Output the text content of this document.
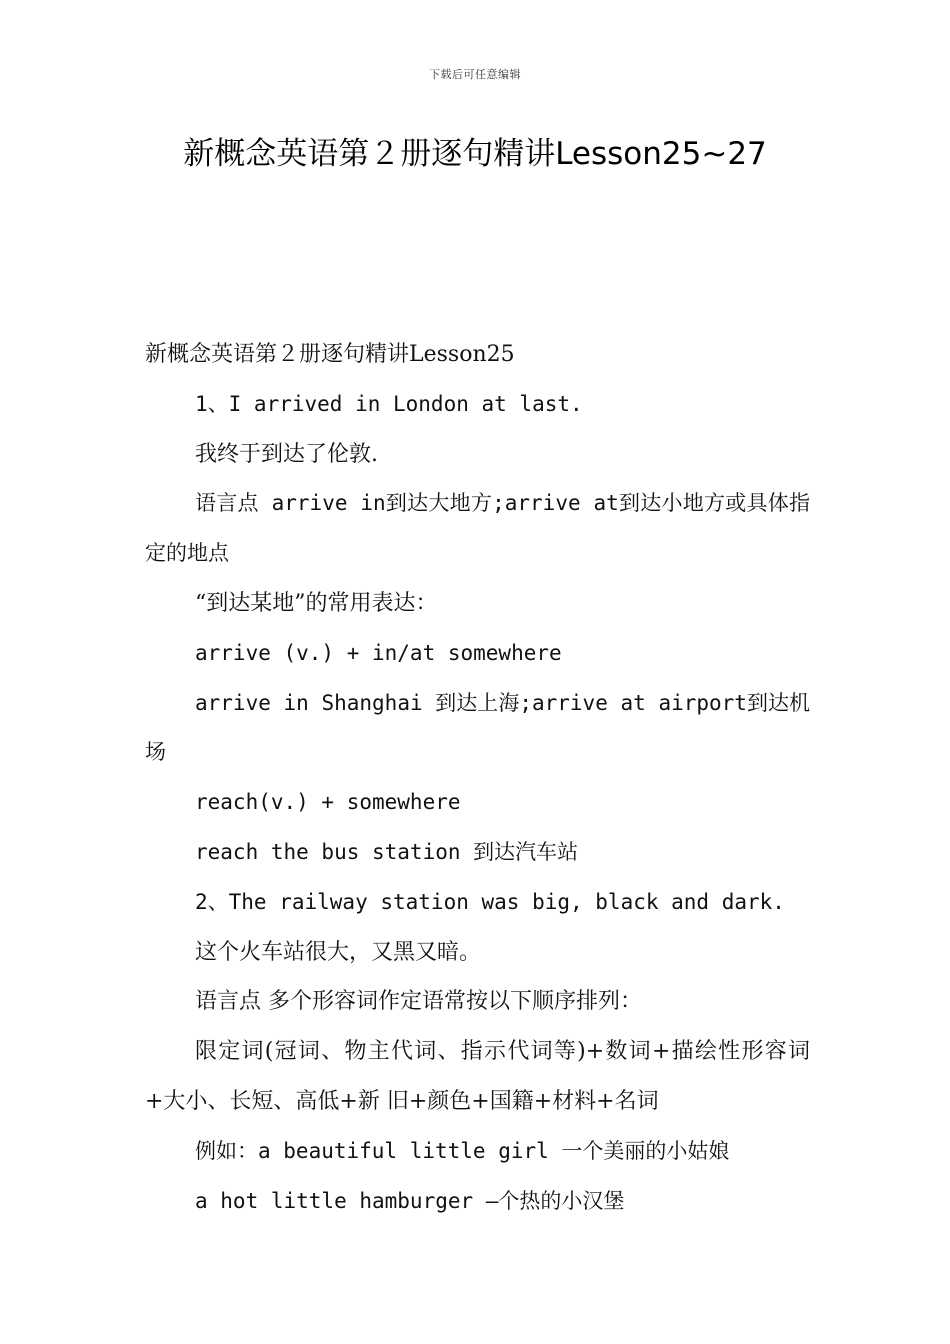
下载后可任意编辑
新概念英语第２册逐句精讲Lesson25~27

新概念英语第２册逐句精讲Lesson25

1、I arrived in London at last.

我终于到达了伦敦.

语言点 arrive in到达大地方;arrive at到达小地方或具体指定的地点

“到达某地”的常用表达：

arrive (v.) + in/at somewhere

arrive in Shanghai 到达上海;arrive at airport到达机场

reach(v.) + somewhere

reach the bus station 到达汽车站

2、The railway station was big, black and dark.

这个火车站很大，又黑又暗。

语言点 多个形容词作定语常按以下顺序排列：

限定词(冠词、物主代词、指示代词等)+数词+描绘性形容词+大小、长短、高低+新 旧+颜色+国籍+材料+名词

例如：a beautiful little girl 一个美丽的小姑娘

a hot little hamburger —个热的小汉堡
